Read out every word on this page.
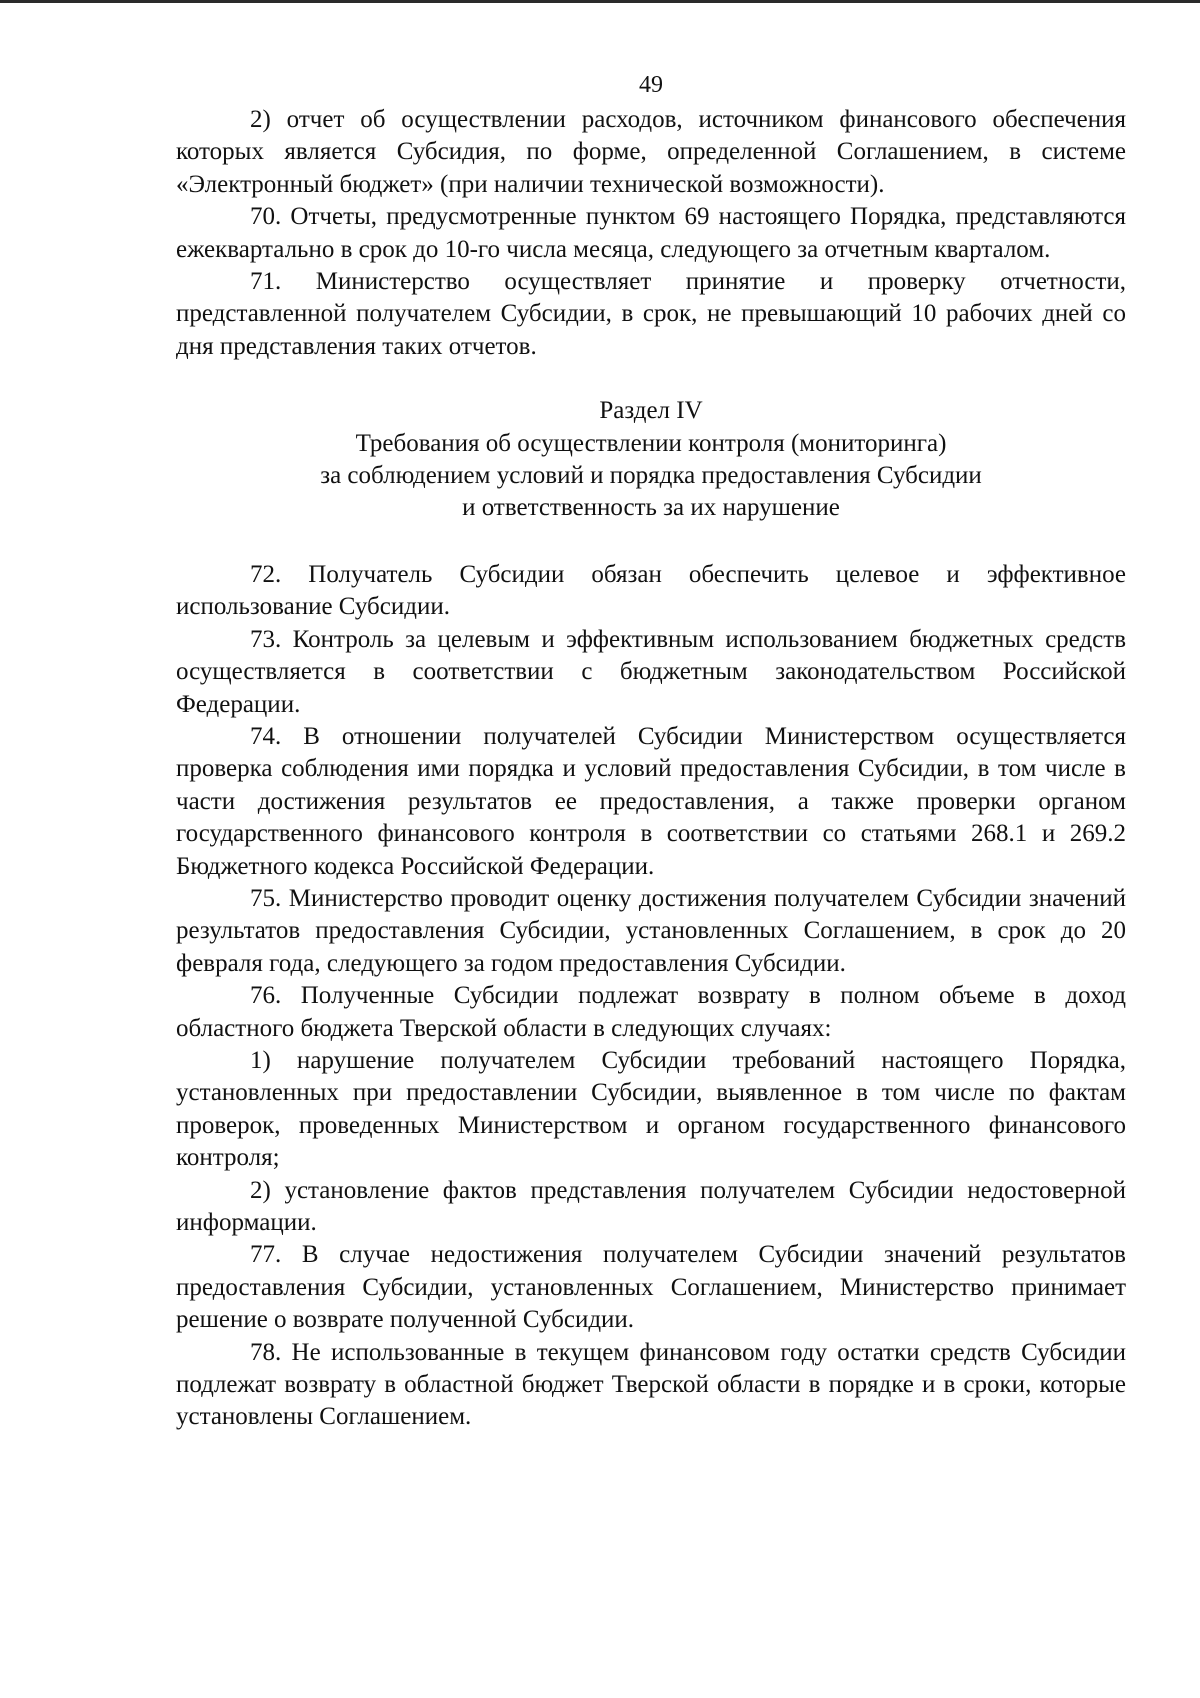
49

2) отчет об осуществлении расходов, источником финансового обеспечения которых является Субсидия, по форме, определенной Соглашением, в системе «Электронный бюджет» (при наличии технической возможности).

70. Отчеты, предусмотренные пунктом 69 настоящего Порядка, представляются ежеквартально в срок до 10-го числа месяца, следующего за отчетным кварталом.

71. Министерство осуществляет принятие и проверку отчетности, представленной получателем Субсидии, в срок, не превышающий 10 рабочих дней со дня представления таких отчетов.

Раздел IV
Требования об осуществлении контроля (мониторинга)
за соблюдением условий и порядка предоставления Субсидии
и ответственность за их нарушение

72. Получатель Субсидии обязан обеспечить целевое и эффективное использование Субсидии.

73. Контроль за целевым и эффективным использованием бюджетных средств осуществляется в соответствии с бюджетным законодательством Российской Федерации.

74. В отношении получателей Субсидии Министерством осуществляется проверка соблюдения ими порядка и условий предоставления Субсидии, в том числе в части достижения результатов ее предоставления, а также проверки органом государственного финансового контроля в соответствии со статьями 268.1 и 269.2 Бюджетного кодекса Российской Федерации.

75. Министерство проводит оценку достижения получателем Субсидии значений результатов предоставления Субсидии, установленных Соглашением, в срок до 20 февраля года, следующего за годом предоставления Субсидии.

76. Полученные Субсидии подлежат возврату в полном объеме в доход областного бюджета Тверской области в следующих случаях:

1) нарушение получателем Субсидии требований настоящего Порядка, установленных при предоставлении Субсидии, выявленное в том числе по фактам проверок, проведенных Министерством и органом государственного финансового контроля;

2) установление фактов представления получателем Субсидии недостоверной информации.

77. В случае недостижения получателем Субсидии значений результатов предоставления Субсидии, установленных Соглашением, Министерство принимает решение о возврате полученной Субсидии.

78. Не использованные в текущем финансовом году остатки средств Субсидии подлежат возврату в областной бюджет Тверской области в порядке и в сроки, которые установлены Соглашением.
